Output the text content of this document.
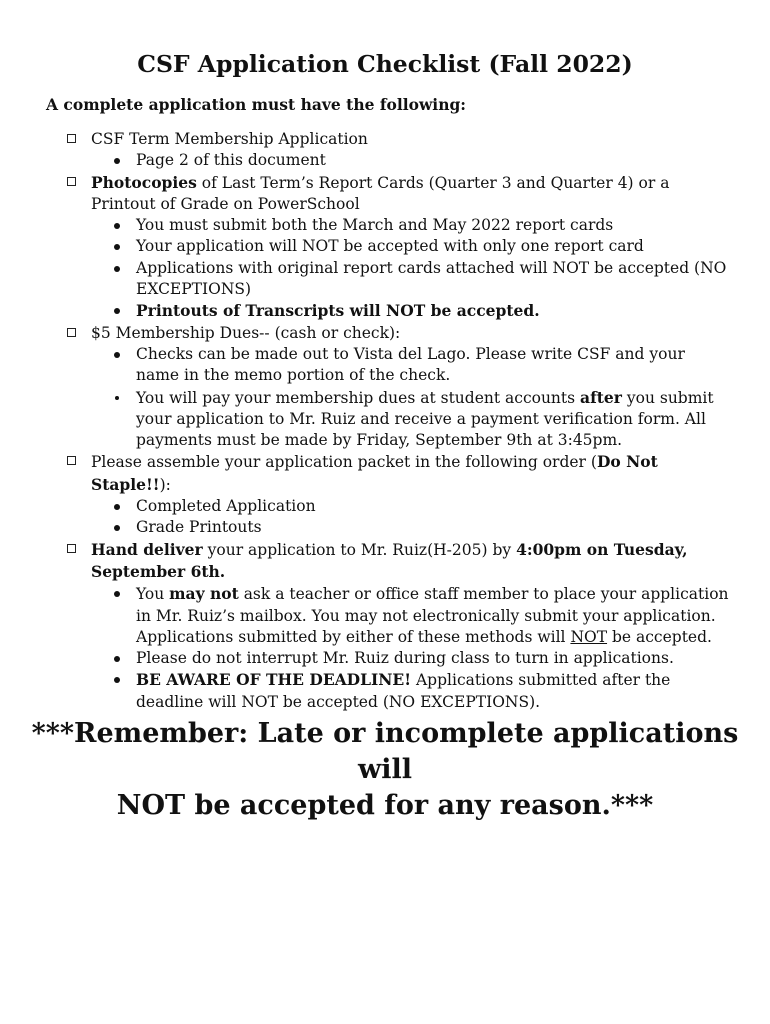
CSF Application Checklist (Fall 2022)

A complete application must have the following:

CSF Term Membership Application
Page 2 of this document
Photocopies of Last Term’s Report Cards (Quarter 3 and Quarter 4) or a Printout of Grade on PowerSchool
You must submit both the March and May 2022 report cards
Your application will NOT be accepted with only one report card
Applications with original report cards attached will NOT be accepted (NO EXCEPTIONS)
Printouts of Transcripts will NOT be accepted.
$5 Membership Dues-- (cash or check):
Checks can be made out to Vista del Lago. Please write CSF and your name in the memo portion of the check.
You will pay your membership dues at student accounts after you submit your application to Mr. Ruiz and receive a payment verification form. All payments must be made by Friday, September 9th at 3:45pm.
Please assemble your application packet in the following order (Do Not Staple!!):
Completed Application
Grade Printouts
Hand deliver your application to Mr. Ruiz(H-205) by 4:00pm on Tuesday, September 6th.
You may not ask a teacher or office staff member to place your application in Mr. Ruiz’s mailbox. You may not electronically submit your application. Applications submitted by either of these methods will NOT be accepted.
Please do not interrupt Mr. Ruiz during class to turn in applications.
BE AWARE OF THE DEADLINE! Applications submitted after the deadline will NOT be accepted (NO EXCEPTIONS).

***Remember: Late or incomplete applications will
NOT be accepted for any reason.***
